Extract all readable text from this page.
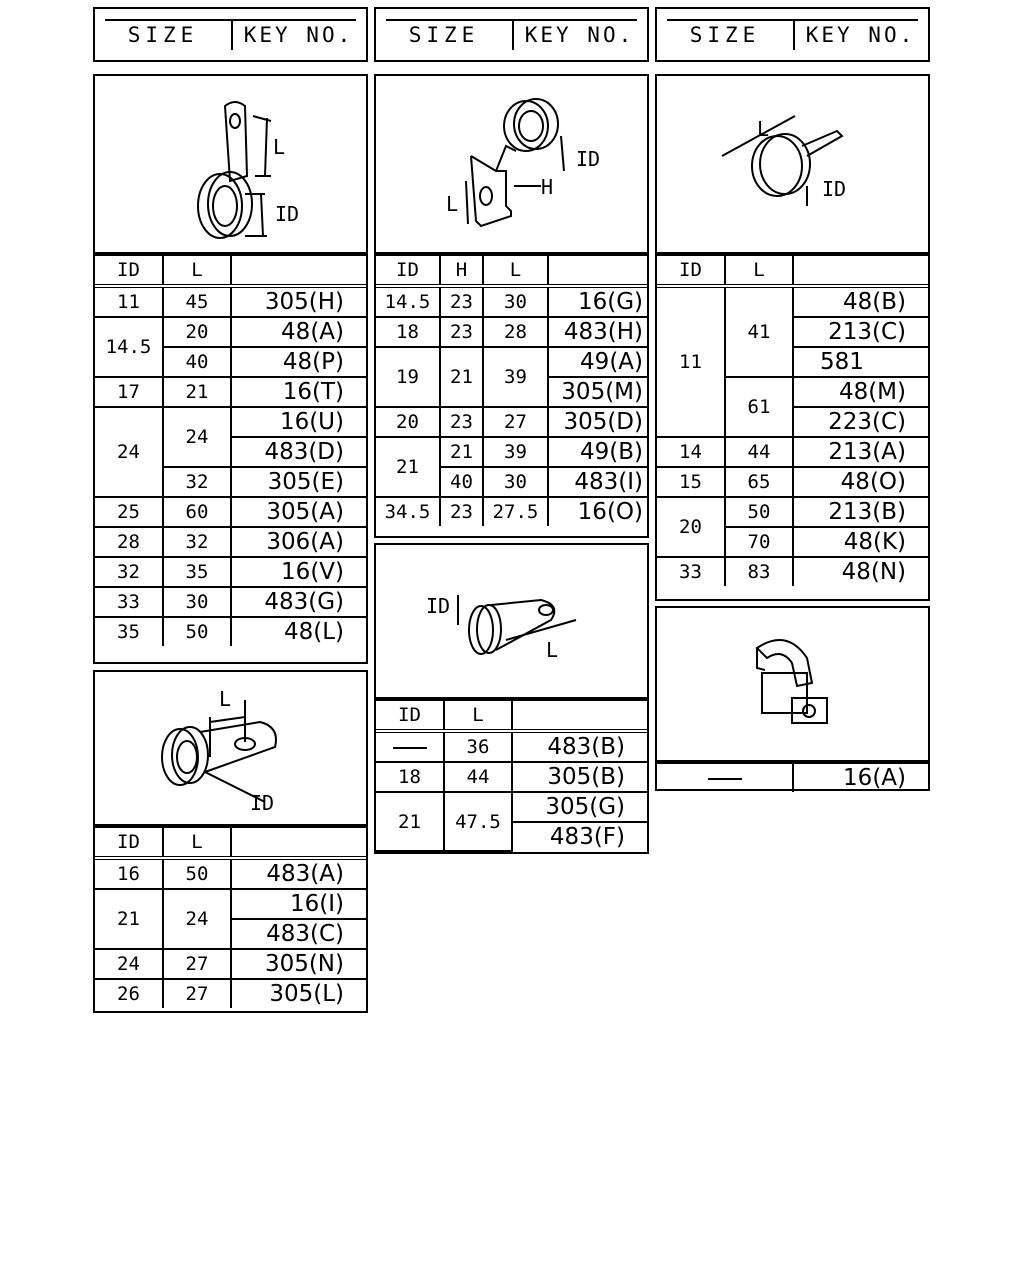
SIZE	KEY NO.	SIZE	KEY NO.	SIZE	KEY NO.
L
ID
ID	L	
11	45	305(H)
14.5	20	48(A)
	40	48(P)
17	21	16(T)
24	24	16(U)
		483(D)
	32	305(E)
25	60	305(A)
28	32	306(A)
32	35	16(V)
33	30	483(G)
35	50	48(L)
ID
H
L
ID	H	L	
14.5	23	30	16(G)
18	23	28	483(H)
19	21	39	49(A)
			305(M)
20	23	27	305(D)
21	21	39	49(B)
	40	30	483(I)
34.5	23	27.5	16(O)
L
ID
ID	L	
11	41	48(B)
		213(C)
		581
	61	48(M)
		223(C)
14	44	213(A)
15	65	48(O)
20	50	213(B)
	70	48(K)
33	83	48(N)
L
ID
ID	L	
16	50	483(A)
21	24	16(I)
		483(C)
24	27	305(N)
26	27	305(L)
ID
L
ID	L	
	36	483(B)
18	44	305(B)
21	47.5	305(G)
		483(F)
	16(A)
